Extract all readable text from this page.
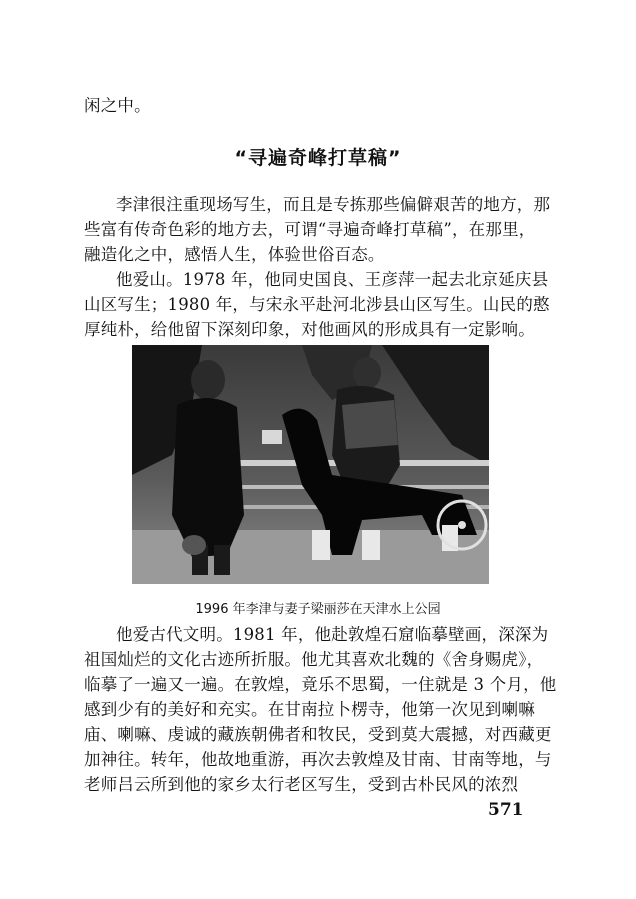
闲之中。
“寻遍奇峰打草稿”
李津很注重现场写生，而且是专拣那些偏僻艰苦的地方，那
些富有传奇色彩的地方去，可谓“寻遍奇峰打草稿”，在那里，
融造化之中，感悟人生，体验世俗百态。
他爱山。1978 年，他同史国良、王彦萍一起去北京延庆县
山区写生；1980 年，与宋永平赴河北涉县山区写生。山民的憨
厚纯朴，给他留下深刻印象，对他画风的形成具有一定影响。
1996 年李津与妻子梁丽莎在天津水上公园
他爱古代文明。1981 年，他赴敦煌石窟临摹壁画，深深为
祖国灿烂的文化古迹所折服。他尤其喜欢北魏的《舍身赐虎》，
临摹了一遍又一遍。在敦煌，竟乐不思蜀，一住就是 3 个月，他
感到少有的美好和充实。在甘南拉卜楞寺，他第一次见到喇嘛
庙、喇嘛、虔诚的藏族朝佛者和牧民，受到莫大震撼，对西藏更
加神往。转年，他故地重游，再次去敦煌及甘南、甘南等地，与
老师吕云所到他的家乡太行老区写生，受到古朴民风的浓烈
571
